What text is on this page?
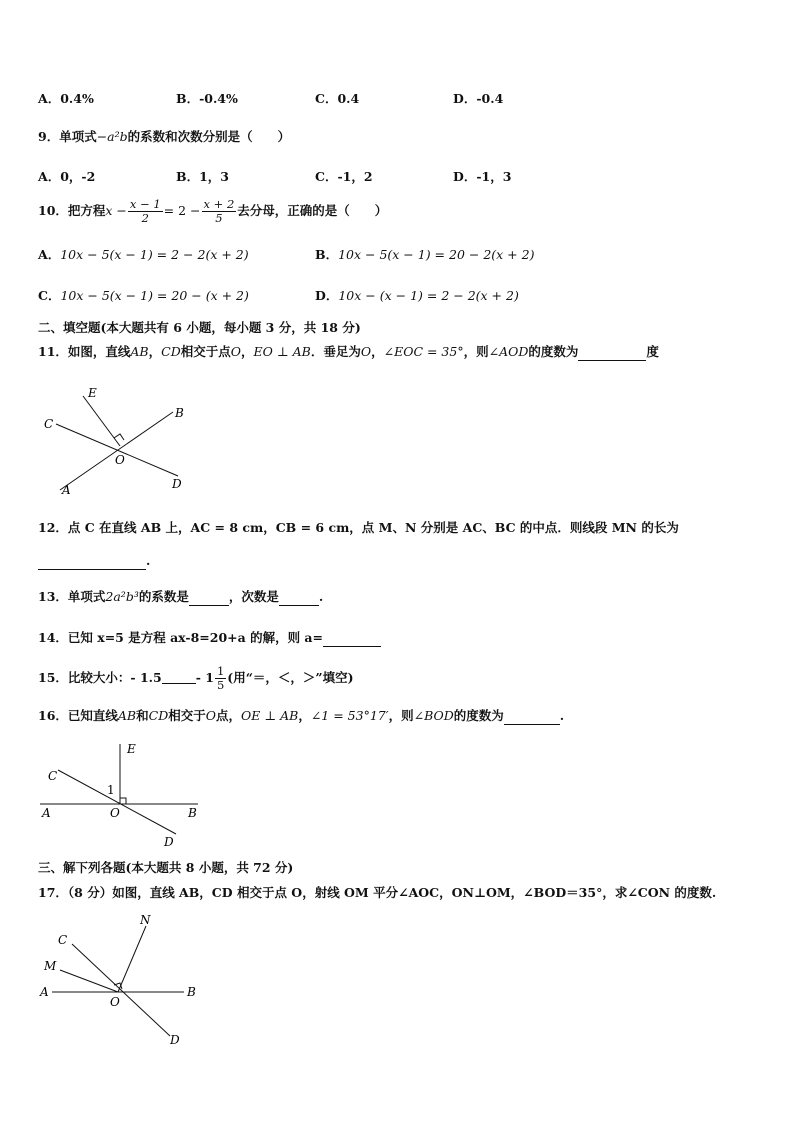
A．0.4%	B．-0.4%	C．0.4	D．-0.4
9．单项式−a²b的系数和次数分别是（　　）
A．0，-2	B．1，3	C．-1，2	D．-1，3
10．把方程$x - \frac{x - 1}{2} = 2 - \frac{x + 2}{5}$ 去分母，正确的是（　　）
A．10x − 5(x − 1) = 2 − 2(x + 2)	B．10x − 5(x − 1) = 20 − 2(x + 2)
C．10x − 5(x − 1) = 20 − (x + 2)	D．10x − (x − 1) = 2 − 2(x + 2)
二、填空题(本大题共有 6 小题，每小题 3 分，共 18 分)
11．如图，直线AB，CD相交于点O，EO ⊥ AB．垂足为O，∠EOC = 35°，则∠AOD的度数为	度
E
C
B
O
A	D
12．点 C 在直线 AB 上，AC = 8 cm，CB = 6 cm，点 M、N 分别是 AC、BC 的中点．则线段 MN 的长为
.
13．单项式2a²b³的系数是	，次数是	.
14．已知 x=5 是方程 ax-8=20+a 的解，则 a=
15．比较大小：- 1.5	- $1 \frac{1}{5}$ (用“＝，＜，＞”填空)
16．已知直线AB和CD相交于O点，OE ⊥ AB，∠1 = 53°17′，则∠BOD的度数为	.
E
C
1
A	O	B
D
三、解下列各题(本大题共 8 小题，共 72 分)
17．（8 分）如图，直线 AB，CD 相交于点 O，射线 OM 平分∠AOC，ON⊥OM，∠BOD＝35°，求∠CON 的度数.
N
C
M
A
O
B
D
